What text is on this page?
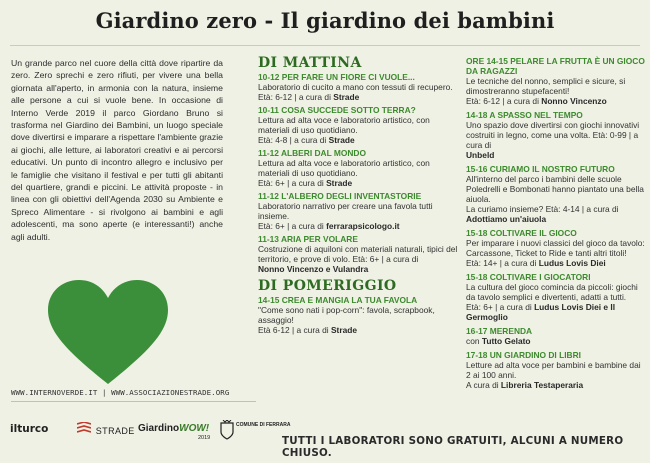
Giardino zero - Il giardino dei bambini

Un grande parco nel cuore della città dove ripartire da zero. Zero sprechi e zero rifiuti, per vivere una bella giornata all'aperto, in armonia con la natura, insieme alle persone a cui si vuole bene. In occasione di Interno Verde 2019 il parco Giordano Bruno si trasforma nel Giardino dei Bambini, un luogo speciale dove divertirsi e imparare a rispettare l'ambiente grazie ai giochi, alle letture, ai laboratori creativi e ai percorsi educativi. Un punto di incontro allegro e inclusivo per le famiglie che visitano il festival e per tutti gli abitanti del quartiere, grandi e piccini. Le attività proposte - in linea con gli obiettivi dell'Agenda 2030 su Ambiente e Spreco Alimentare - si rivolgono ai bambini e agli adolescenti, ma sono aperte (e interessanti!) anche agli adulti.

WWW.INTERNOVERDE.IT | WWW.ASSOCIAZIONESTRADE.ORG
ilturco	STRADE GiardinoWOW!
2019
COMUNE DI FERRARA
TUTTI I LABORATORI SONO GRATUITI, ALCUNI A NUMERO CHIUSO.
DI MATTINA
10-12 PER FARE UN FIORE CI VUOLE...
Laboratorio di cucito a mano con tessuti di recupero.
Età: 6-12 | a cura di Strade
10-11 COSA SUCCEDE SOTTO TERRA?
Lettura ad alta voce e laboratorio artistico, con materiali di uso quotidiano.
Età: 4-8 | a cura di Strade
11-12 ALBERI DAL MONDO
Lettura ad alta voce e laboratorio artistico, con materiali di uso quotidiano.
Età: 6+ | a cura di Strade
11-12 L'ALBERO DEGLI INVENTASTORIE
Laboratorio narrativo per creare una favola tutti insieme.
Età: 6+ | a cura di ferrarapsicologo.it
11-13 ARIA PER VOLARE
Costruzione di aquiloni con materiali naturali, tipici del territorio, e prove di volo. Età: 6+ | a cura di
Nonno Vincenzo e Vulandra
DI POMERIGGIO
14-15 CREA E MANGIA LA TUA FAVOLA
"Come sono nati i pop-corn": favola, scrapbook, assaggio!
Età 6-12 | a cura di Strade
ORE 14-15 PELARE LA FRUTTA È UN GIOCO DA RAGAZZI
Le tecniche del nonno, semplici e sicure, si dimostreranno stupefacenti!
Età: 6-12 | a cura di Nonno Vincenzo
14-18 A SPASSO NEL TEMPO
Uno spazio dove divertirsi con giochi innovativi costruiti in legno, come una volta. Età: 0-99 | a cura di
Unbeld
15-16 CURIAMO IL NOSTRO FUTURO
All'interno del parco i bambini delle scuole Poledrelli e Bombonati hanno piantato una bella aiuola.
La curiamo insieme? Età: 4-14 | a cura di Adottiamo un'aiuola
15-18 COLTIVARE IL GIOCO
Per imparare i nuovi classici del gioco da tavolo: Carcassone, Ticket to Ride e tanti altri titoli!
Età: 14+ | a cura di Ludus Lovis Diei
15-18 COLTIVARE I GIOCATORI
La cultura del gioco comincia da piccoli: giochi da tavolo semplici e divertenti, adatti a tutti.
Età: 6+ | a cura di Ludus Lovis Diei e Il Germoglio
16-17 MERENDA
con Tutto Gelato
17-18 UN GIARDINO DI LIBRI
Letture ad alta voce per bambini e bambine dai 2 ai 100 anni.
A cura di Libreria Testaperaria
